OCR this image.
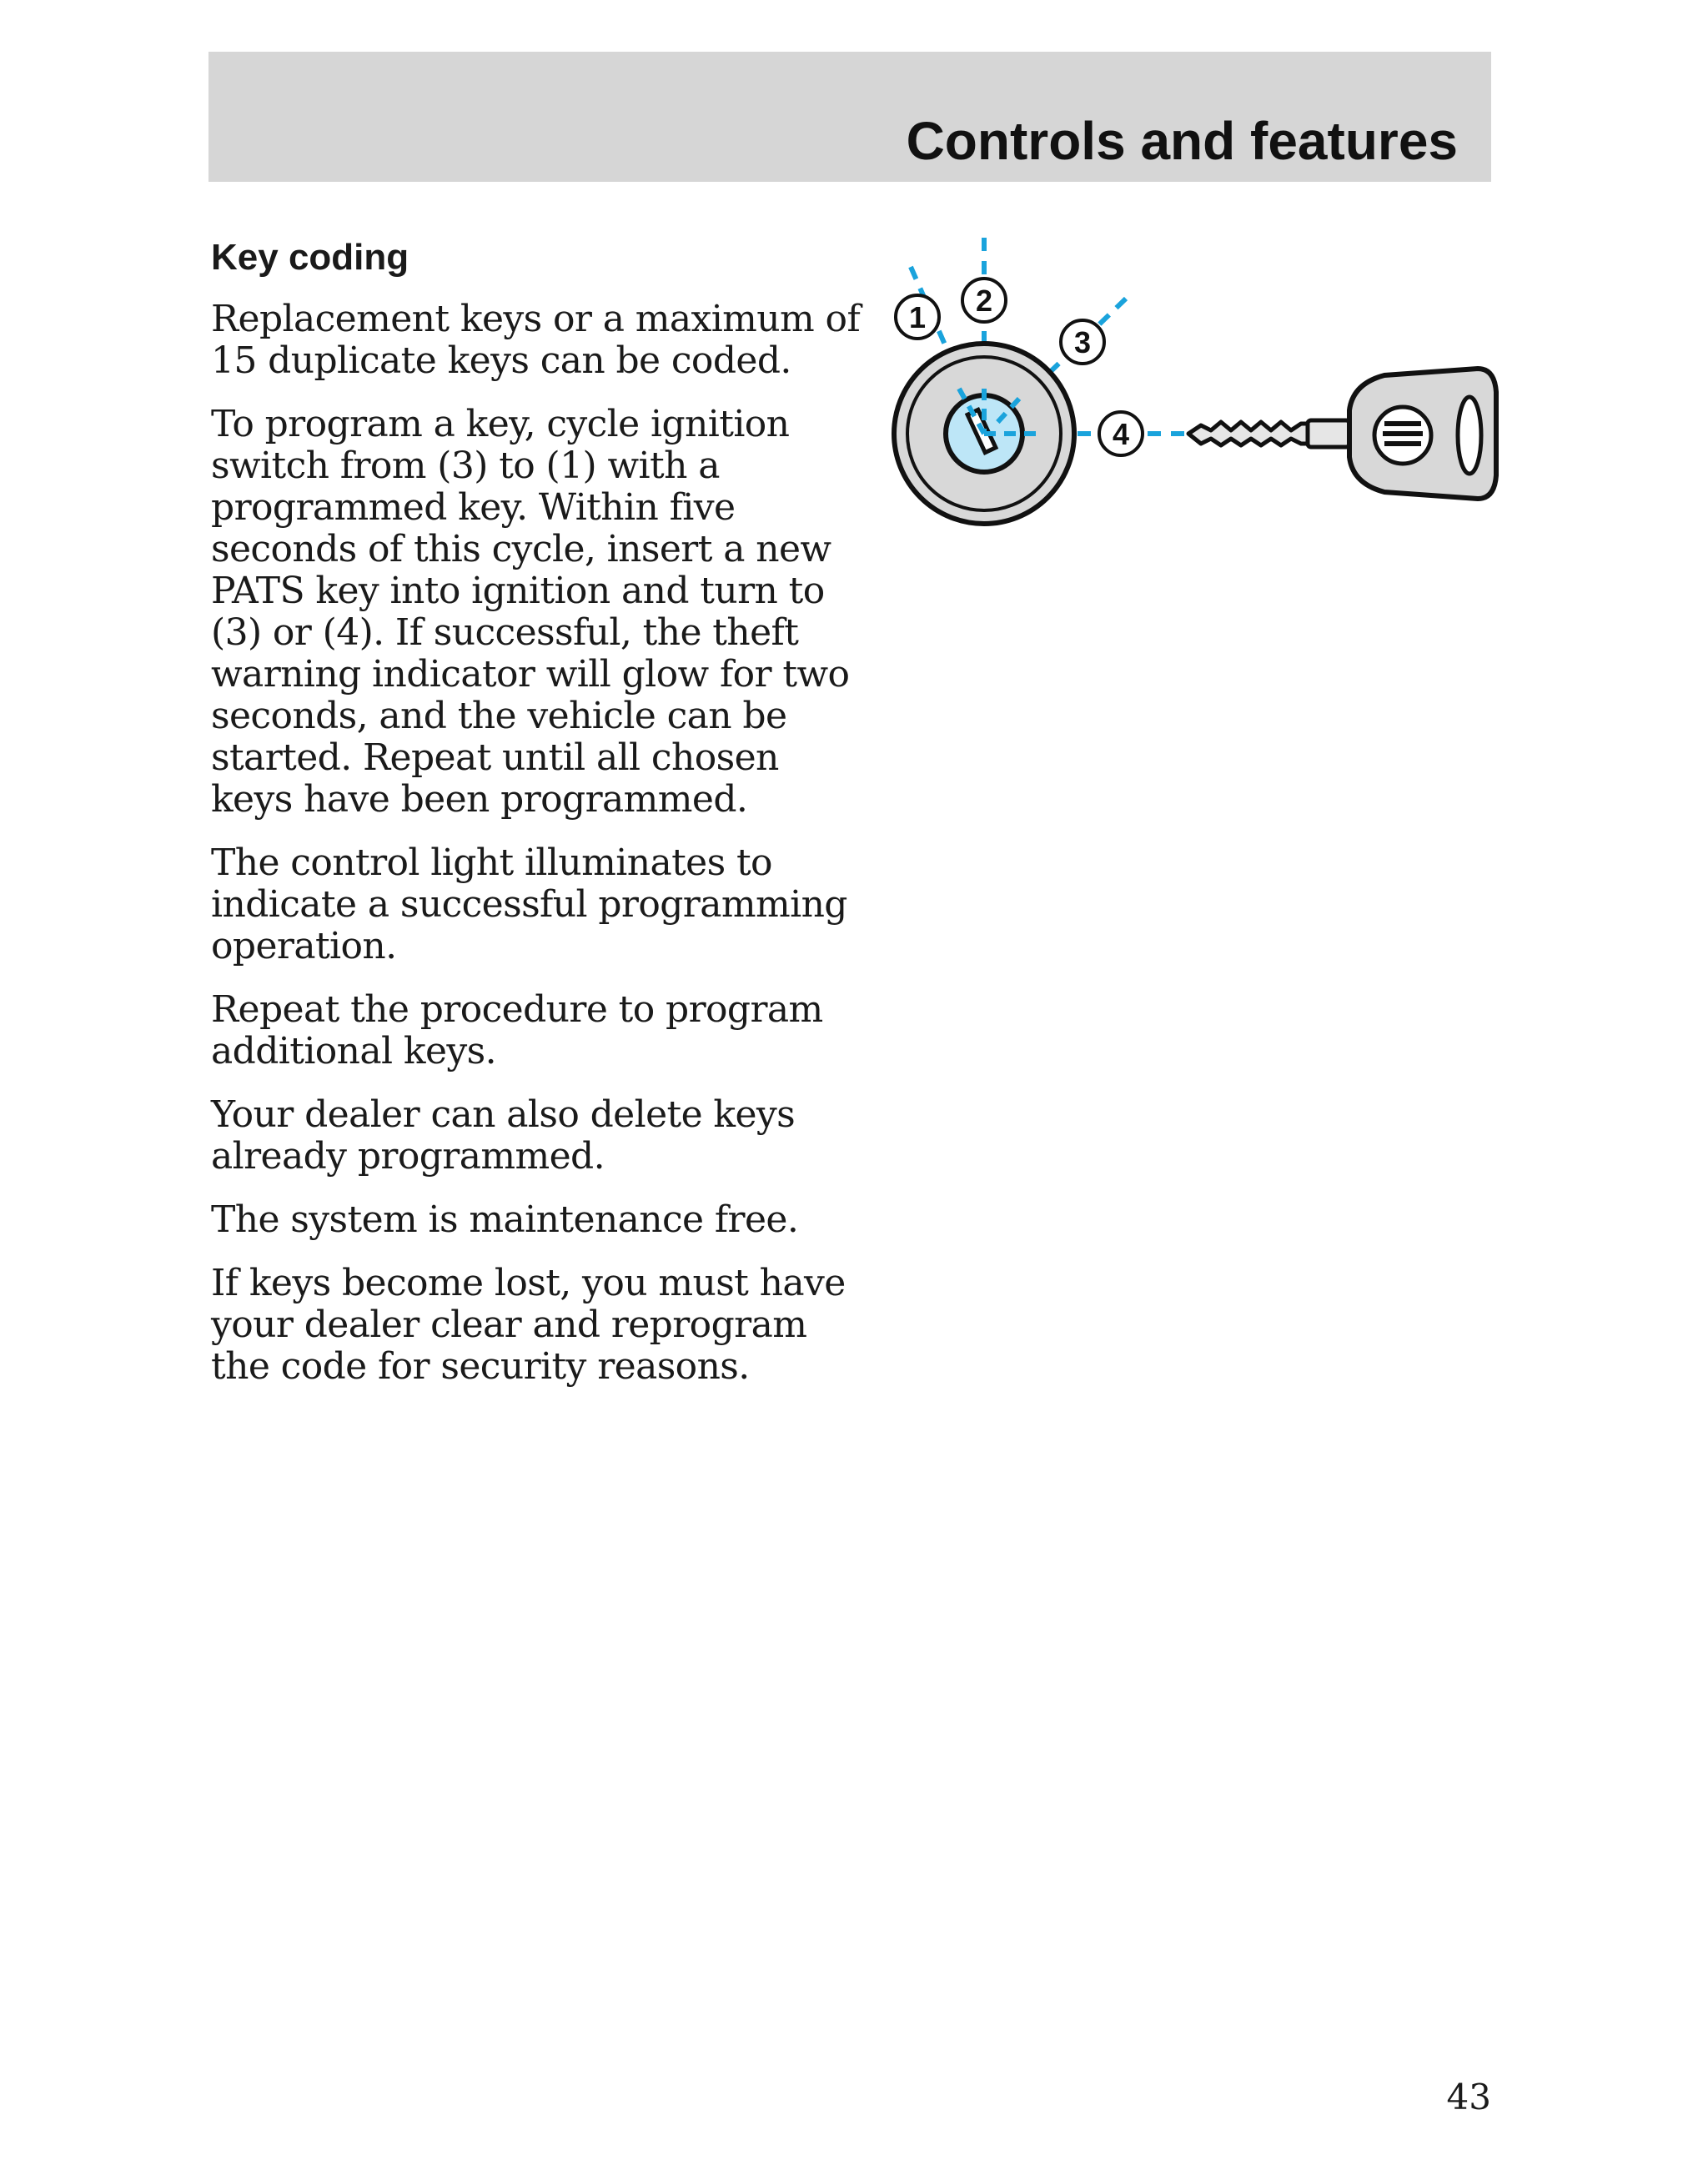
Controls and features
Key coding

Replacement keys or a maximum of
15 duplicate keys can be coded.

To program a key, cycle ignition
switch from (3) to (1) with a
programmed key. Within five
seconds of this cycle, insert a new
PATS key into ignition and turn to
(3) or (4). If successful, the theft
warning indicator will glow for two
seconds, and the vehicle can be
started. Repeat until all chosen
keys have been programmed.

The control light illuminates to
indicate a successful programming
operation.

Repeat the procedure to program
additional keys.

Your dealer can also delete keys
already programmed.

The system is maintenance free.

If keys become lost, you must have
your dealer clear and reprogram
the code for security reasons.

1 2
3
4
43
